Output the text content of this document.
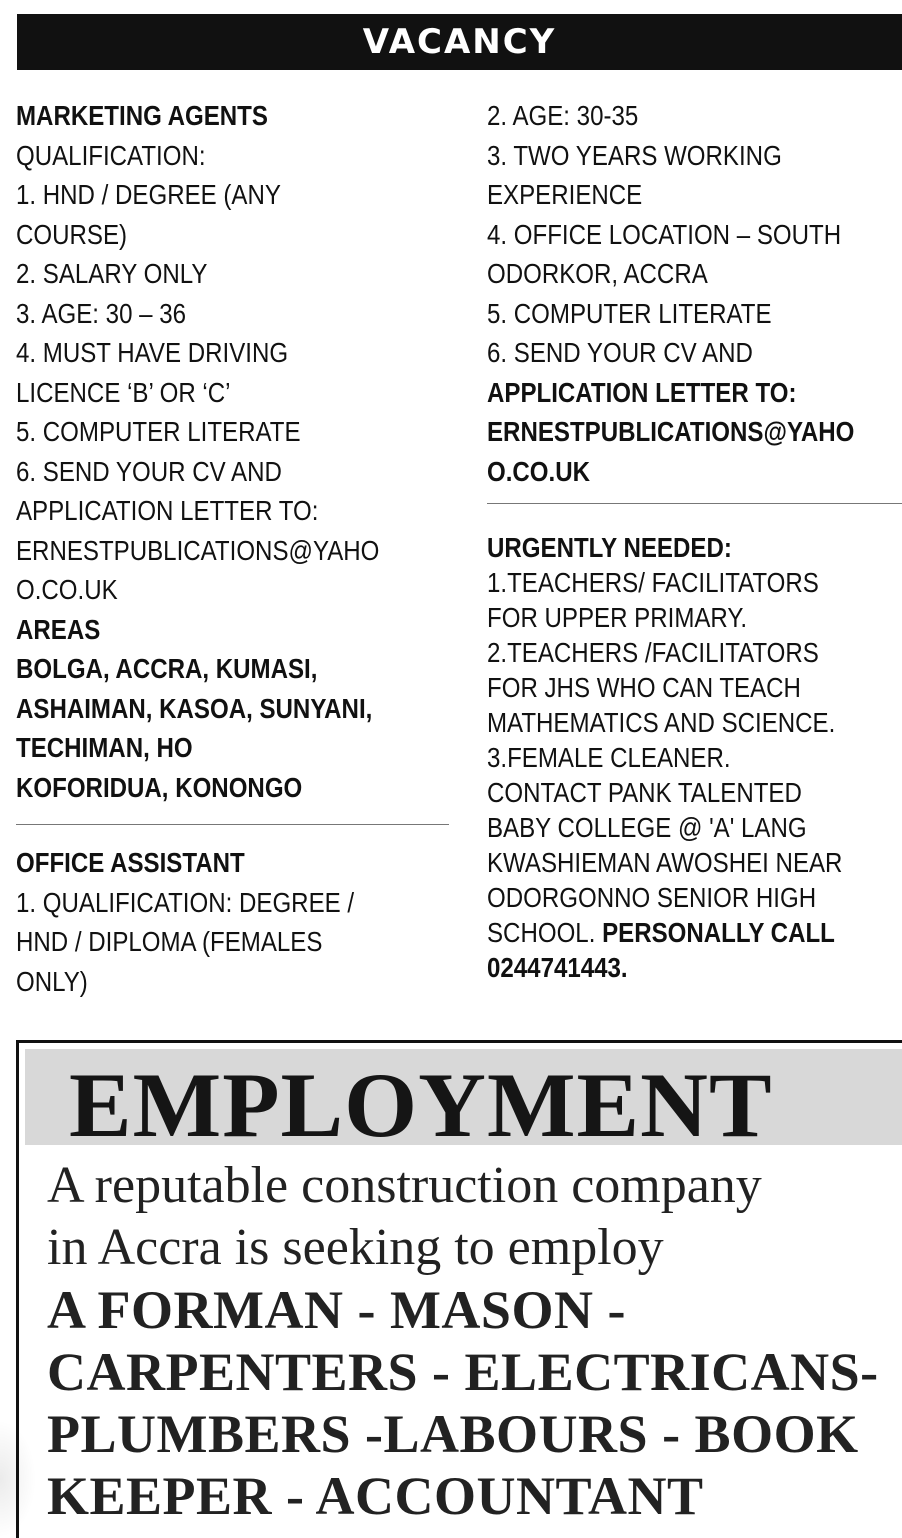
VACANCY
MARKETING AGENTS
QUALIFICATION:
1. HND / DEGREE (ANY
COURSE)
2. SALARY ONLY
3. AGE: 30 – 36
4. MUST HAVE DRIVING
LICENCE ‘B’ OR ‘C’
5. COMPUTER LITERATE
6. SEND YOUR CV AND
APPLICATION LETTER TO:
ERNESTPUBLICATIONS@YAHO
O.CO.UK
AREAS
BOLGA, ACCRA, KUMASI,
ASHAIMAN, KASOA, SUNYANI,
TECHIMAN, HO
KOFORIDUA, KONONGO
OFFICE ASSISTANT
1. QUALIFICATION: DEGREE /
HND / DIPLOMA (FEMALES
ONLY)
2. AGE: 30-35
3. TWO YEARS WORKING
EXPERIENCE
4. OFFICE LOCATION – SOUTH
ODORKOR, ACCRA
5. COMPUTER LITERATE
6. SEND YOUR CV AND
APPLICATION LETTER TO:
ERNESTPUBLICATIONS@YAHO
O.CO.UK
URGENTLY NEEDED:
1.TEACHERS/ FACILITATORS
FOR UPPER PRIMARY.
2.TEACHERS /FACILITATORS
FOR JHS WHO CAN TEACH
MATHEMATICS AND SCIENCE.
3.FEMALE CLEANER.
CONTACT PANK TALENTED
BABY COLLEGE @ 'A' LANG
KWASHIEMAN AWOSHEI NEAR
ODORGONNO SENIOR HIGH
SCHOOL. PERSONALLY CALL
0244741443.
EMPLOYMENT
A reputable construction company
in Accra is seeking to employ
A FORMAN - MASON -
CARPENTERS - ELECTRICANS-
PLUMBERS -LABOURS - BOOK
KEEPER - ACCOUNTANT
